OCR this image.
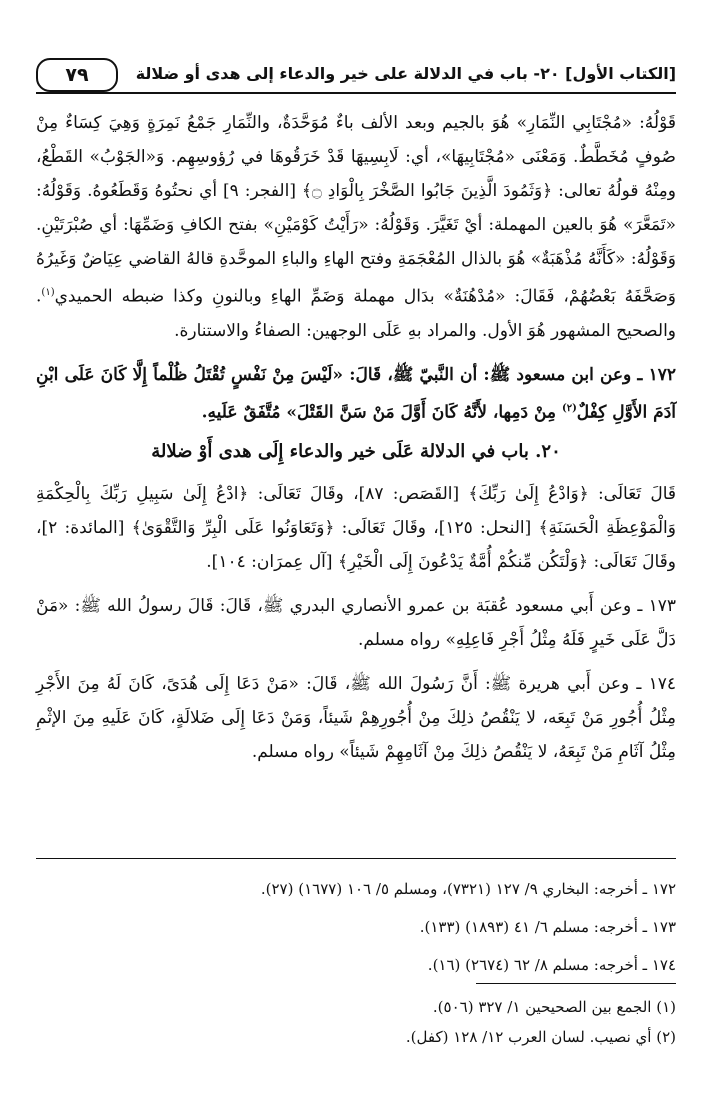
[الكتاب الأول] ٢٠- باب في الدلالة على خير والدعاء إلى هدى أو ضلالة
٧٩

قَوْلُهُ: «مُجْتَابِي النِّمَارِ» هُوَ بالجيم وبعد الألف باءٌ مُوَحَّدَةٌ، والنِّمَارِ جَمْعُ نَمِرَةٍ وَهِيَ كِسَاءٌ مِنْ صُوفٍ مُخَطَّطٌ. وَمَعْنَى «مُجْتَابِيهَا»، أي: لَابِسِيهَا قَدْ خَرَقُوهَا في رُؤوسِهِم. وَ«الجَوْبُ» القَطْعُ، ومِنْهُ قولُهُ تعالى: ﴿وَثَمُودَ الَّذِينَ جَابُوا الصَّخْرَ بِالْوَادِ ۝﴾ [الفجر: ٩] أي نحتُوهُ وَقَطَعُوهُ. وَقَوْلُهُ: «تَمَعَّرَ» هُوَ بالعين المهملة: أيْ تَغَيَّرَ. وَقَوْلُهُ: «رَأَيْتُ كَوْمَيْنِ» بفتح الكافِ وَضَمِّهَا: أي صُبْرَتَيْنِ. وَقَوْلُهُ: «كَأَنَّهُ مُذْهَبَةٌ» هُوَ بالذال المُعْجَمَةِ وفتح الهاءِ والباءِ الموحَّدةِ قالهُ القاضي عِيَاضٌ وَغَيرُهُ وَصَحَّفَهُ بَعْضُهُمْ، فَقَالَ: «مُدْهُنَةٌ» بدَال مهملة وَضَمِّ الهاءِ وبالنونِ وكذا ضبطه الحميدي$^{(١)}$. والصحيح المشهور هُوَ الأول. والمراد بهِ عَلَى الوجهين: الصفاءُ والاستنارة.

١٧٢ ـ وعن ابن مسعود ﷺ: أن النَّبيّ ﷺ، قَالَ: «لَيْسَ مِنْ نَفْسٍ تُقْتَلُ ظُلْماً إِلَّا كَانَ عَلَى ابْنِ آدَمَ الأَوَّلِ كِفْلٌ$^{(٢)}$ مِنْ دَمِها، لأَنَّهُ كَانَ أَوَّلَ مَنْ سَنَّ القَتْلَ» مُتَّفَقٌ عَلَيهِ.

٢٠. باب في الدلالة عَلَى خير والدعاء إِلَى هدى أَوْ ضلالة

قَالَ تَعَالَى: ﴿وَادْعُ إِلَىٰ رَبِّكَ﴾ [القَصَص: ٨٧]، وقَالَ تَعَالَى: ﴿ادْعُ إِلَىٰ سَبِيلِ رَبِّكَ بِالْحِكْمَةِ وَالْمَوْعِظَةِ الْحَسَنَةِ﴾ [النحل: ١٢٥]، وقَالَ تَعَالَى: ﴿وَتَعَاوَنُوا عَلَى الْبِرِّ وَالتَّقْوَىٰ﴾ [المائدة: ٢]، وقَالَ تَعَالَى: ﴿وَلْتَكُن مِّنكُمْ أُمَّةٌ يَدْعُونَ إِلَى الْخَيْرِ﴾ [آل عِمرَان: ١٠٤].

١٧٣ ـ وعن أَبي مسعود عُقبَة بن عمرو الأنصاري البدري ﷺ، قَالَ: قَالَ رسولُ الله ﷺ: «مَنْ دَلَّ عَلَى خَيرٍ فَلَهُ مِثْلُ أَجْرِ فَاعِلِهِ» رواه مسلم.

١٧٤ ـ وعن أَبي هريرة ﷺ: أَنَّ رَسُولَ الله ﷺ، قَالَ: «مَنْ دَعَا إِلَى هُدَىً، كَانَ لَهُ مِنَ الأَجْرِ مِثْلُ أُجُورِ مَنْ تَبِعَه، لا يَنْقُصُ ذلِكَ مِنْ أُجُورِهِمْ شَيئاً، وَمَنْ دَعَا إِلَى ضَلالَةٍ، كَانَ عَلَيهِ مِنَ الإثْمِ مِثْلُ آثَامِ مَنْ تَبِعَهُ، لا يَنْقُصُ ذلِكَ مِنْ آثَامِهِمْ شَيئاً» رواه مسلم.

١٧٢ ـ أخرجه: البخاري ٩/ ١٢٧ (٧٣٢١)، ومسلم ٥/ ١٠٦ (١٦٧٧) (٢٧).
١٧٣ ـ أخرجه: مسلم ٦/ ٤١ (١٨٩٣) (١٣٣).
١٧٤ ـ أخرجه: مسلم ٨/ ٦٢ (٢٦٧٤) (١٦).
(١) الجمع بين الصحيحين ١/ ٣٢٧ (٥٠٦).
(٢) أي نصيب. لسان العرب ١٢/ ١٢٨ (كفل).
